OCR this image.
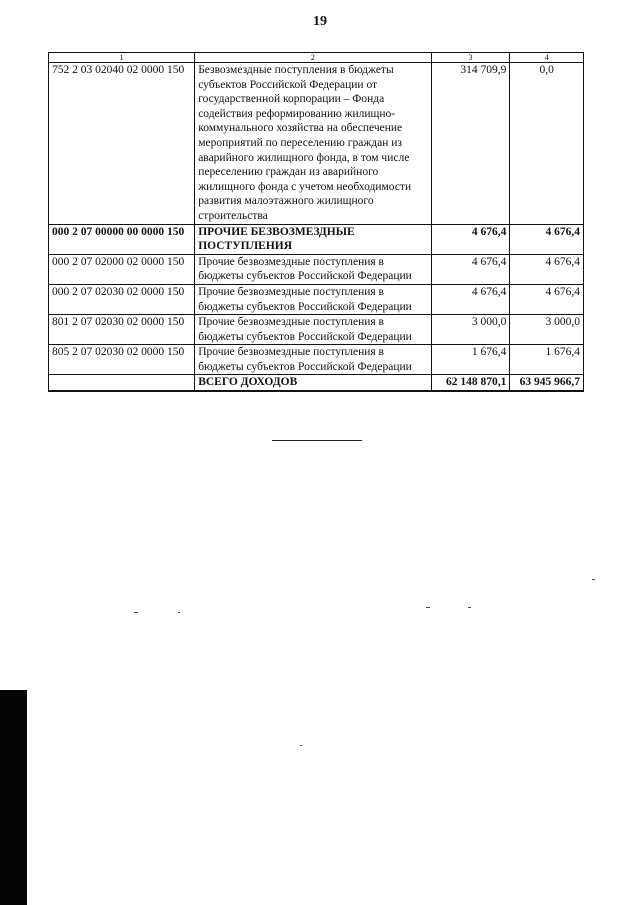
19
1	2	3	4
752 2 03 02040 02 0000 150	Безвозмездные поступления в бюджеты субъектов Российской Федерации от государственной корпорации – Фонда содействия реформированию жилищно-коммунального хозяйства на обеспечение мероприятий по переселению граждан из аварийного жилищного фонда, в том числе переселению граждан из аварийного жилищного фонда с учетом необходимости развития малоэтажного жилищного строительства	314 709,9	0,0
000 2 07 00000 00 0000 150	ПРОЧИЕ БЕЗВОЗМЕЗДНЫЕ ПОСТУПЛЕНИЯ	4 676,4	4 676,4
000 2 07 02000 02 0000 150	Прочие безвозмездные поступления в бюджеты субъектов Российской Федерации	4 676,4	4 676,4
000 2 07 02030 02 0000 150	Прочие безвозмездные поступления в бюджеты субъектов Российской Федерации	4 676,4	4 676,4
801 2 07 02030 02 0000 150	Прочие безвозмездные поступления в бюджеты субъектов Российской Федерации	3 000,0	3 000,0
805 2 07 02030 02 0000 150	Прочие безвозмездные поступления в бюджеты субъектов Российской Федерации	1 676,4	1 676,4
	ВСЕГО ДОХОДОВ	62 148 870,1	63 945 966,7
